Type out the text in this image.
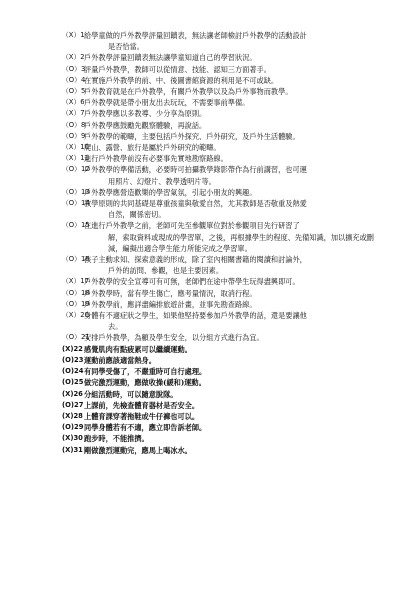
（X）1 給學童做的戶外教學評量回饋表，無法讓老師檢討戶外教學的活動設計
是否恰當。
（X）2 戶外教學評量回饋表無法讓學童知道自己的學習狀況。
（O）3
評量戶外教學，教師可以從情意、技能、認知三方面著手。
（O）4
在實施戶外教學的前、中、後圖書館資源的利用是不可或缺。
（O）5
戶外教育就是在戶外教學，有關戶外教學以及為戶外事物而教學。
（X）6 戶外教學就是帶小朋友出去玩玩，不需要事前準備。
（X）7 戶外教學應以多教導、少分享為原則。
（O）8
戶外教學應鼓勵先觀察體驗，再說話。
（O）9
戶外教學的範疇，主要包括戶外探究、戶外研究，及戶外生活體驗。
（X）10
爬山、露營、旅行是屬於戶外研究的範疇。
（X）11
進行戶外教學前沒有必要事先實地勘察路線。
（O）12
戶外教學的準備活動，必要時可拍攝教學錄影帶作為行前講習，也可運
用照片、幻燈片、教學透明片等。
（O）13
戶外教學應營造歡樂的學習氣氛，引起小朋友的興趣。
（O）14
教學原則的共同基礎是尊重孩童與敬愛自然，尤其教師是否敬重及熱愛
自然，關係密切。
（O）15
在進行戶外教學之前，老師可先至參觀單位對於參觀項目先行研習了
解，索取資料或現成的學習單，之後，再根據學生的程度、先備知識，加以擴充或刪減，編擬出適合學生能力所能完成之學習單。
（O）16
孩子主動求知、探索意義的形成，除了室內相關書籍的閱讀和討論外，
戶外的訪問、參觀，也是主要因素。
（X）17
戶外教學的安全宣導可有可無，老師們在途中帶學生玩得盡興即可。
（O）18
戶外教學時，當有學生傷亡，應考量情況，取消行程。
（O）19
戶外教學前，應詳盡編排旅遊計畫，並事先勘查路線。
（X）20
身體有不適症狀之學生，如果他堅持要參加戶外教學的話，還是要讓他
去。
（O）21
安排戶外教學，為顧及學生安全，以分組方式進行為宜。
(X)22 感覺肌肉有點疲累可以繼續運動。
(O)23 運動前應該適當熱身。
(O)24 有同學受傷了，不嚴重時可自行處理。
(O)25 做完激烈運動，應做收操(緩和)運動。
(X)26 分組活動時，可以隨意脫隊。
(O)27 上課前，先檢查體育器材是否安全。
(X)28 上體育課穿著拖鞋或牛仔褲也可以。
(O)29 同學身體若有不適，應立即告訴老師。
(X)30 跑步時，不能推擠。
(X)31 剛做激烈運動完，應馬上喝冰水。
